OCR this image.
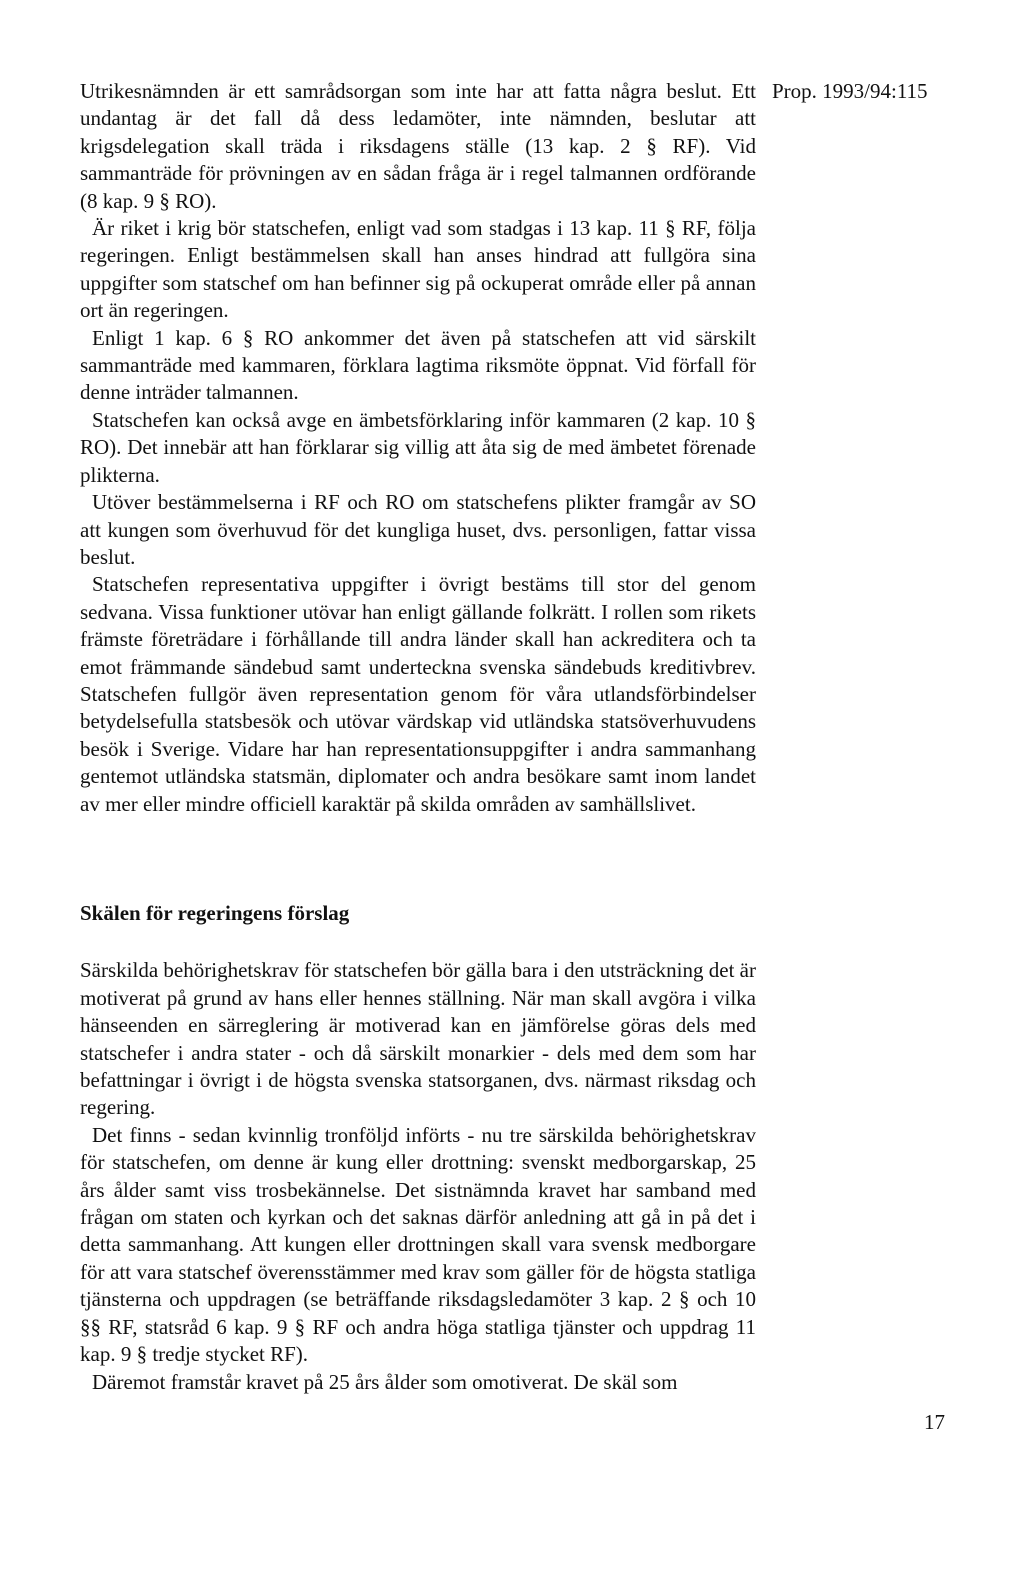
Prop. 1993/94:115

Utrikesnämnden är ett samrådsorgan som inte har att fatta några beslut. Ett undantag är det fall då dess ledamöter, inte nämnden, beslutar att krigsdelegation skall träda i riksdagens ställe (13 kap. 2 § RF). Vid sammanträde för prövningen av en sådan fråga är i regel talmannen ordförande (8 kap. 9 § RO).

Är riket i krig bör statschefen, enligt vad som stadgas i 13 kap. 11 § RF, följa regeringen. Enligt bestämmelsen skall han anses hindrad att fullgöra sina uppgifter som statschef om han befinner sig på ockuperat område eller på annan ort än regeringen.

Enligt 1 kap. 6 § RO ankommer det även på statschefen att vid särskilt sammanträde med kammaren, förklara lagtima riksmöte öppnat. Vid förfall för denne inträder talmannen.

Statschefen kan också avge en ämbetsförklaring inför kammaren (2 kap. 10 § RO). Det innebär att han förklarar sig villig att åta sig de med ämbetet förenade plikterna.

Utöver bestämmelserna i RF och RO om statschefens plikter framgår av SO att kungen som överhuvud för det kungliga huset, dvs. personligen, fattar vissa beslut.

Statschefen representativa uppgifter i övrigt bestäms till stor del genom sedvana. Vissa funktioner utövar han enligt gällande folkrätt. I rollen som rikets främste företrädare i förhållande till andra länder skall han ackreditera och ta emot främmande sändebud samt underteckna svenska sändebuds kreditivbrev. Statschefen fullgör även representation genom för våra utlandsförbindelser betydelsefulla statsbesök och utövar värdskap vid utländska statsöverhuvudens besök i Sverige. Vidare har han representationsuppgifter i andra sammanhang gentemot utländska statsmän, diplomater och andra besökare samt inom landet av mer eller mindre officiell karaktär på skilda områden av samhällslivet.

Skälen för regeringens förslag

Särskilda behörighetskrav för statschefen bör gälla bara i den utsträckning det är motiverat på grund av hans eller hennes ställning. När man skall avgöra i vilka hänseenden en särreglering är motiverad kan en jämförelse göras dels med statschefer i andra stater - och då särskilt monarkier - dels med dem som har befattningar i övrigt i de högsta svenska statsorganen, dvs. närmast riksdag och regering.

Det finns - sedan kvinnlig tronföljd införts - nu tre särskilda behörighetskrav för statschefen, om denne är kung eller drottning: svenskt medborgarskap, 25 års ålder samt viss trosbekännelse. Det sistnämnda kravet har samband med frågan om staten och kyrkan och det saknas därför anledning att gå in på det i detta sammanhang. Att kungen eller drottningen skall vara svensk medborgare för att vara statschef överensstämmer med krav som gäller för de högsta statliga tjänsterna och uppdragen (se beträffande riksdagsledamöter 3 kap. 2 § och 10 §§ RF, statsråd 6 kap. 9 § RF och andra höga statliga tjänster och uppdrag 11 kap. 9 § tredje stycket RF).

Däremot framstår kravet på 25 års ålder som omotiverat. De skäl som

17
